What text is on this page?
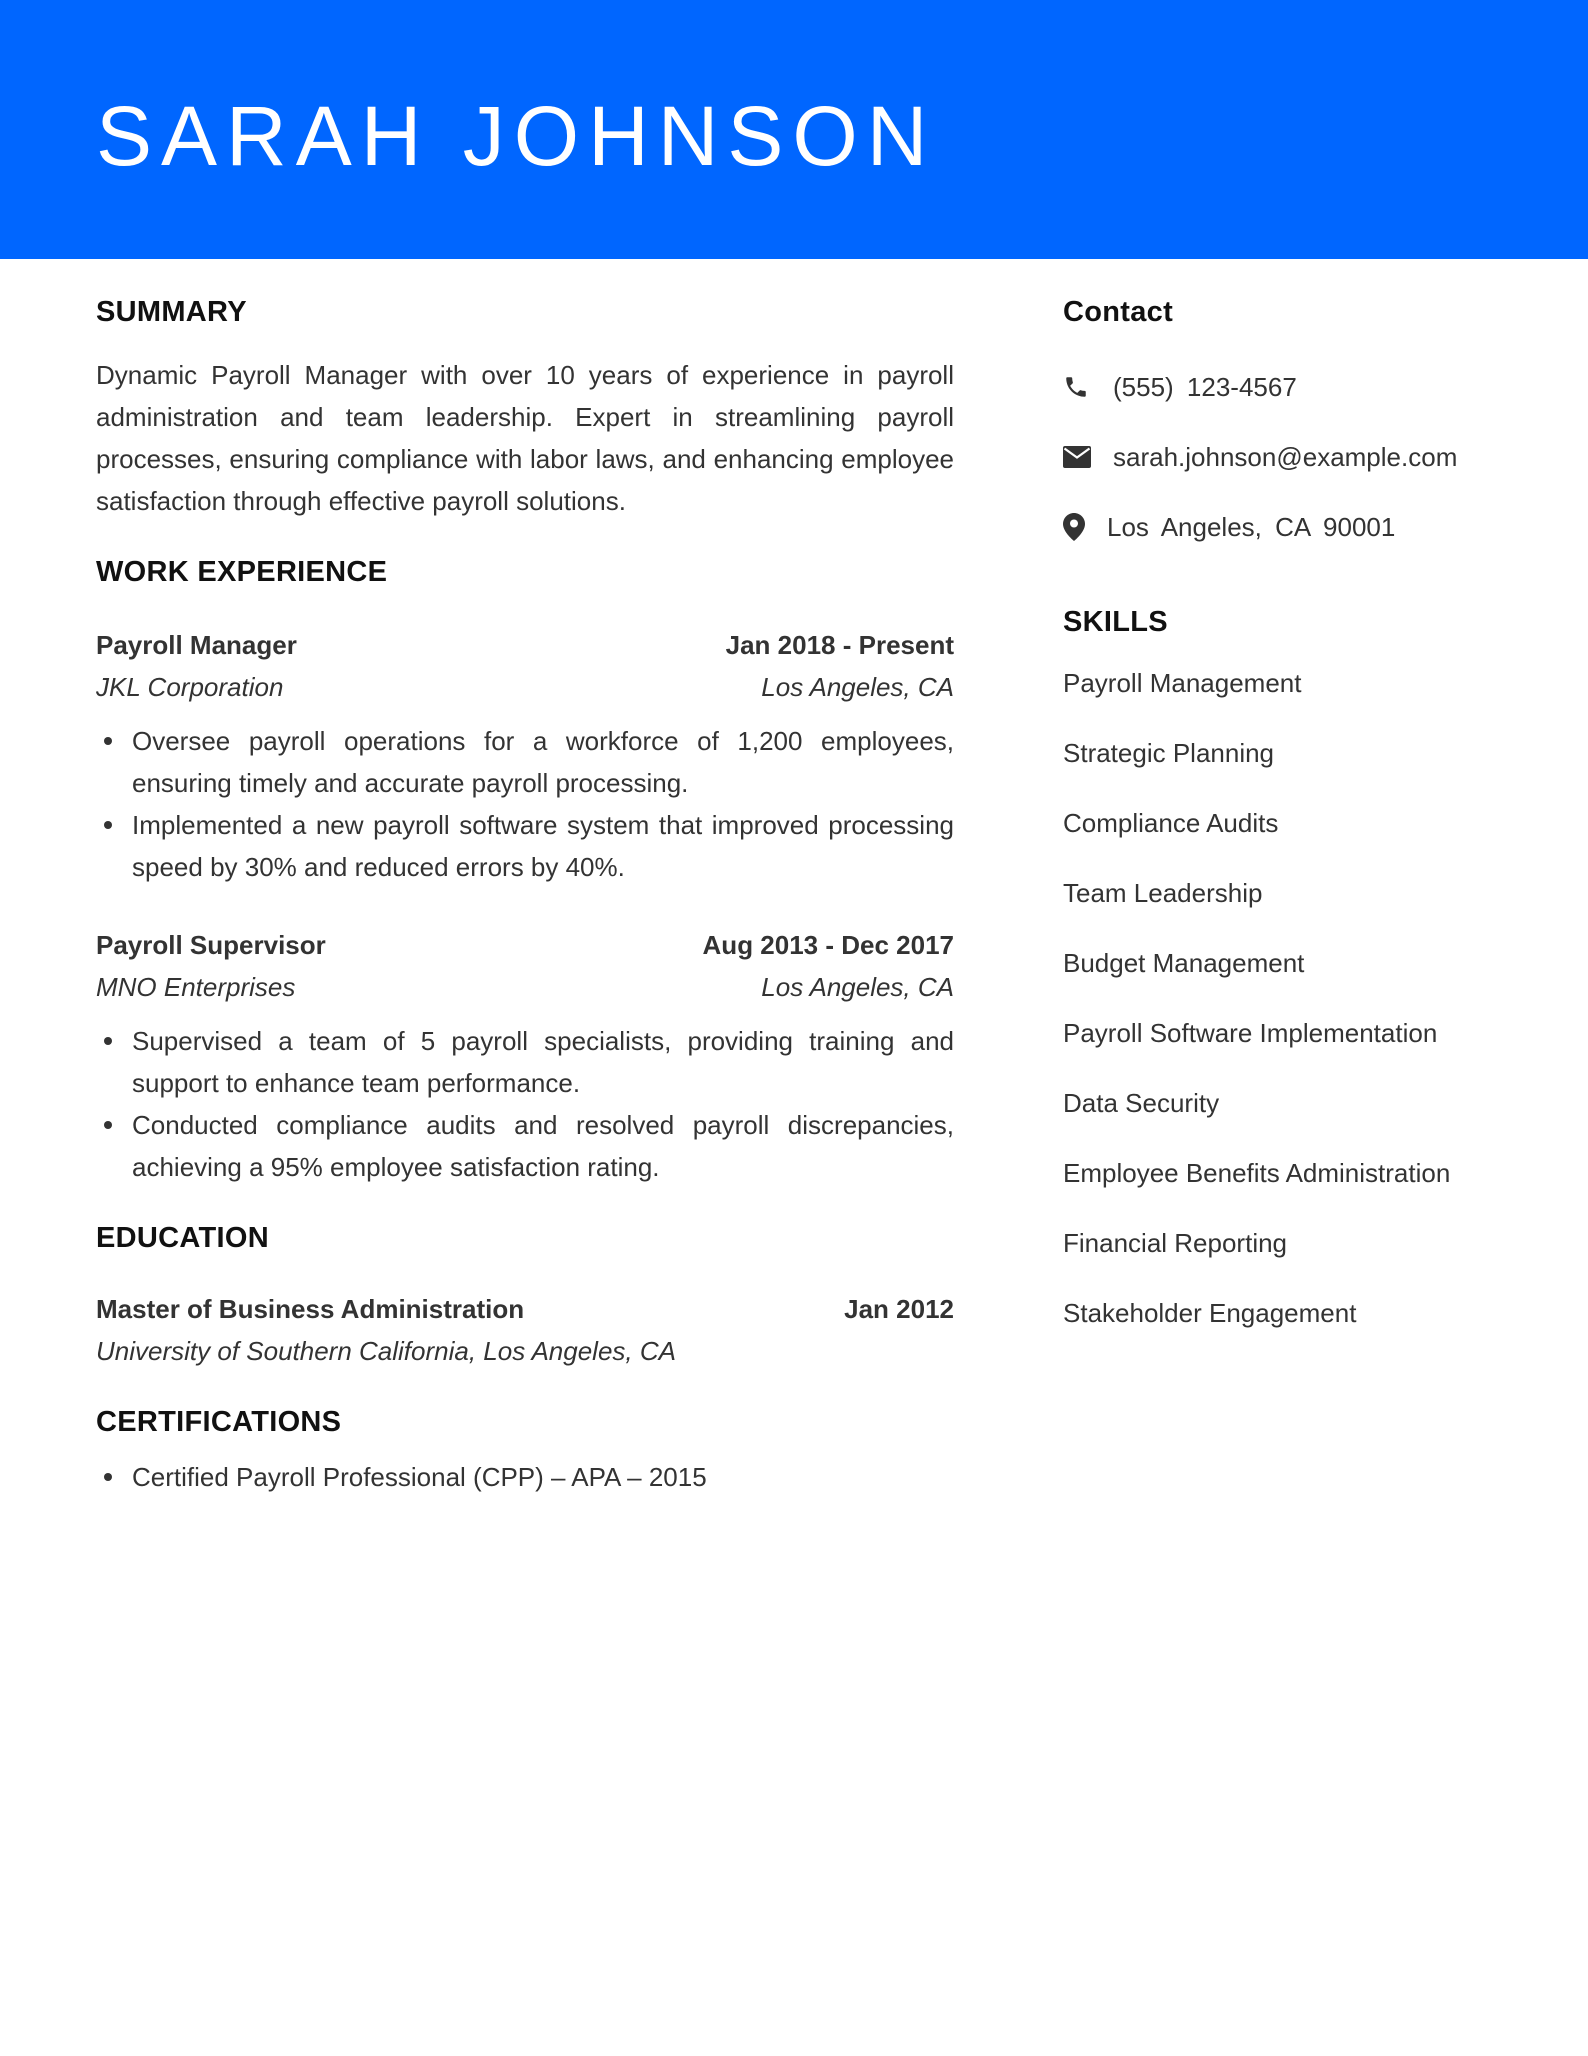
SARAH JOHNSON
SUMMARY

Dynamic Payroll Manager with over 10 years of experience in payroll administration and team leadership. Expert in streamlining payroll processes, ensuring compliance with labor laws, and enhancing employee satisfaction through effective payroll solutions.

WORK EXPERIENCE
Payroll Manager	Jan 2018 - Present
JKL Corporation	Los Angeles, CA
Oversee payroll operations for a workforce of 1,200 employees, ensuring timely and accurate payroll processing.
Implemented a new payroll software system that improved processing speed by 30% and reduced errors by 40%.
Payroll Supervisor	Aug 2013 - Dec 2017
MNO Enterprises	Los Angeles, CA
Supervised a team of 5 payroll specialists, providing training and support to enhance team performance.
Conducted compliance audits and resolved payroll discrepancies, achieving a 95% employee satisfaction rating.
EDUCATION
Master of Business Administration	Jan 2012
University of Southern California, Los Angeles, CA
CERTIFICATIONS
Certified Payroll Professional (CPP) – APA – 2015
Contact
(555) 123-4567
sarah.johnson@example.com
Los Angeles, CA 90001
SKILLS
Payroll Management
Strategic Planning
Compliance Audits
Team Leadership
Budget Management
Payroll Software Implementation
Data Security
Employee Benefits Administration
Financial Reporting
Stakeholder Engagement
